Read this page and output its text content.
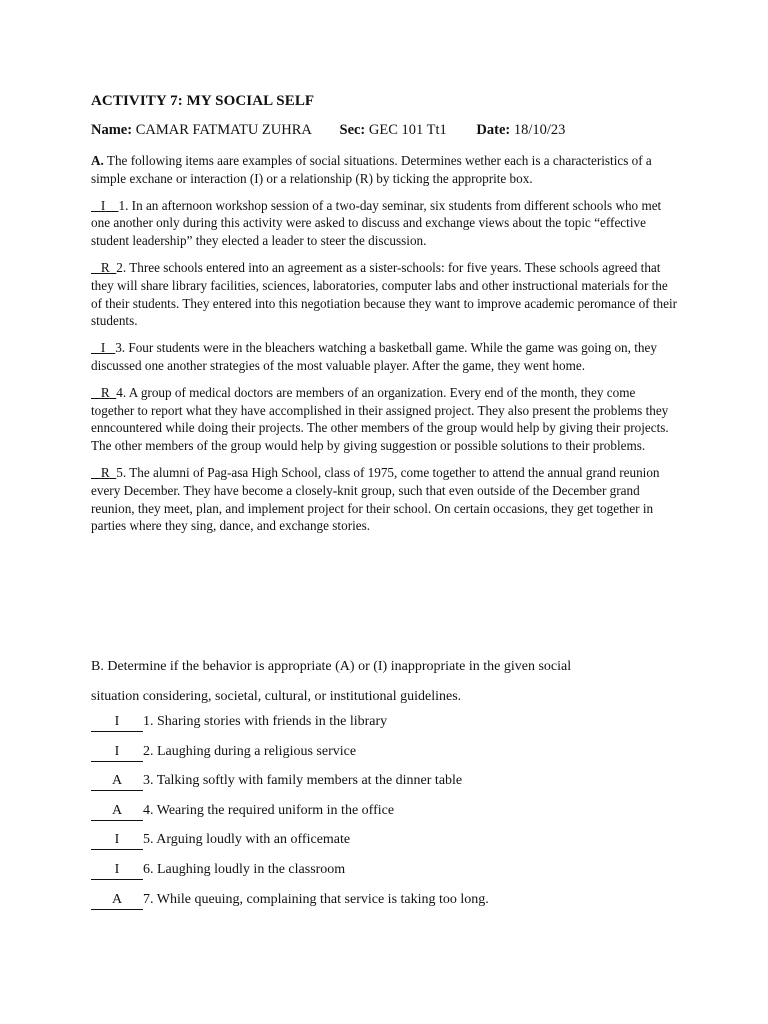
ACTIVITY 7: MY SOCIAL SELF
Name: CAMAR FATMATU ZUHRA Sec: GEC 101 Tt1 Date: 18/10/23

A. The following items aare examples of social situations. Determines wether each is a characteristics of a simple exchane or interaction (I) or a relationship (R) by ticking the approprite box.

I 1. In an afternoon workshop session of a two-day seminar, six students from different schools who met one another only during this activity were asked to discuss and exchange views about the topic “effective student leadership” they elected a leader to steer the discussion.

R 2. Three schools entered into an agreement as a sister-schools: for five years. These schools agreed that they will share library facilities, sciences, laboratories, computer labs and other instructional materials for the of their students. They entered into this negotiation because they want to improve academic peromance of their students.

I 3. Four students were in the bleachers watching a basketball game. While the game was going on, they discussed one another strategies of the most valuable player. After the game, they went home.

R 4. A group of medical doctors are members of an organization. Every end of the month, they come together to report what they have accomplished in their assigned project. They also present the problems they enncountered while doing their projects. The other members of the group would help by giving their projects. The other members of the group would help by giving suggestion or possible solutions to their problems.

R 5. The alumni of Pag-asa High School, class of 1975, come together to attend the annual grand reunion every December. They have become a closely-knit group, such that even outside of the December grand reunion, they meet, plan, and implement project for their school. On certain occasions, they get together in parties where they sing, dance, and exchange stories.

B. Determine if the behavior is appropriate (A) or (I) inappropriate in the given social

situation considering, societal, cultural, or institutional guidelines.

I 1. Sharing stories with friends in the library
I 2. Laughing during a religious service
A 3. Talking softly with family members at the dinner table
A 4. Wearing the required uniform in the office
I 5. Arguing loudly with an officemate
I 6. Laughing loudly in the classroom
A 7. While queuing, complaining that service is taking too long.
